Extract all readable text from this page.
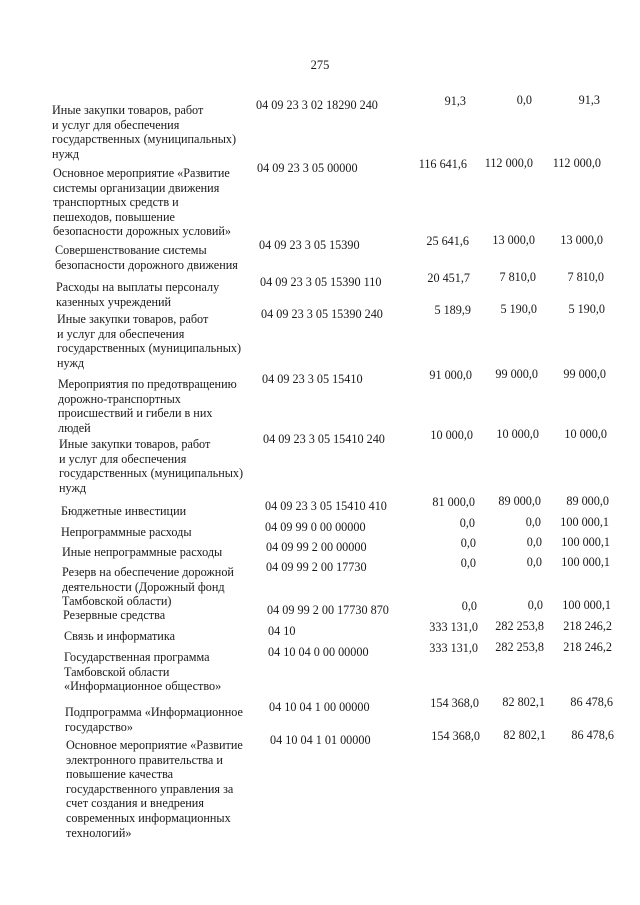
275
Иные закупки товаров, работ
и услуг для обеспечения
государственных (муниципальных)
нужд
04 09 23 3 02 18290 240	91,3	0,0	91,3
Основное мероприятие «Развитие
системы организации движения
транспортных средств и
пешеходов, повышение
безопасности дорожных условий»
04 09 23 3 05 00000	116 641,6	112 000,0	112 000,0
Совершенствование системы
безопасности дорожного движения
04 09 23 3 05 15390	25 641,6	13 000,0	13 000,0
Расходы на выплаты персоналу
казенных учреждений
04 09 23 3 05 15390 110	20 451,7	7 810,0	7 810,0
Иные закупки товаров, работ
и услуг для обеспечения
государственных (муниципальных)
нужд
04 09 23 3 05 15390 240	5 189,9	5 190,0	5 190,0
Мероприятия по предотвращению
дорожно-транспортных
происшествий и гибели в них
людей
04 09 23 3 05 15410	91 000,0	99 000,0	99 000,0
Иные закупки товаров, работ
и услуг для обеспечения
государственных (муниципальных)
нужд
04 09 23 3 05 15410 240	10 000,0	10 000,0	10 000,0
Бюджетные инвестиции	04 09 23 3 05 15410 410	81 000,0	89 000,0	89 000,0
Непрограммные расходы	04 09 99 0 00 00000	0,0	0,0	100 000,1
Иные непрограммные расходы	04 09 99 2 00 00000	0,0	0,0	100 000,1
Резерв на обеспечение дорожной
деятельности (Дорожный фонд
Тамбовской области)
04 09 99 2 00 17730	0,0	0,0	100 000,1
Резервные средства	04 09 99 2 00 17730 870	0,0	0,0	100 000,1
Связь и информатика	04 10	333 131,0	282 253,8	218 246,2
Государственная программа
Тамбовской области
«Информационное общество»
04 10 04 0 00 00000	333 131,0	282 253,8	218 246,2
Подпрограмма «Информационное
государство»
04 10 04 1 00 00000	154 368,0	82 802,1	86 478,6
Основное мероприятие «Развитие
электронного правительства и
повышение качества
государственного управления за
счет создания и внедрения
современных информационных
технологий»
04 10 04 1 01 00000	154 368,0	82 802,1	86 478,6
